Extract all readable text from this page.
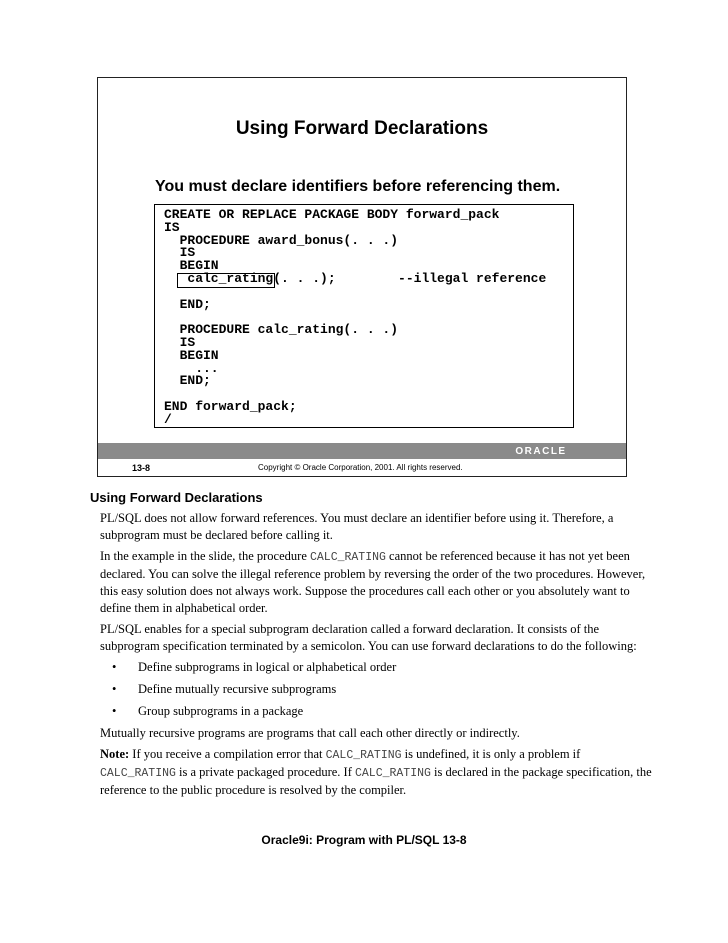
Using Forward Declarations
You must declare identifiers before referencing them.
CREATE OR REPLACE PACKAGE BODY forward_pack
IS
PROCEDURE award_bonus(. . .)
IS
BEGIN
calc_rating(. . .);        --illegal reference

END;

PROCEDURE calc_rating(. . .)
IS
BEGIN
...
END;

END forward_pack;
/
ORACLE
13-8	Copyright © Oracle Corporation, 2001. All rights reserved.
Using Forward Declarations

PL/SQL does not allow forward references. You must declare an identifier before using it. Therefore, a subprogram must be declared before calling it.

In the example in the slide, the procedure CALC_RATING cannot be referenced because it has not yet been declared. You can solve the illegal reference problem by reversing the order of the two procedures. However, this easy solution does not always work. Suppose the procedures call each other or you absolutely want to define them in alphabetical order.

PL/SQL enables for a special subprogram declaration called a forward declaration. It consists of the subprogram specification terminated by a semicolon. You can use forward declarations to do the following:

• Define subprograms in logical or alphabetical order
• Define mutually recursive subprograms
• Group subprograms in a package

Mutually recursive programs are programs that call each other directly or indirectly.

Note: If you receive a compilation error that CALC_RATING is undefined, it is only a problem if CALC_RATING is a private packaged procedure. If CALC_RATING is declared in the package specification, the reference to the public procedure is resolved by the compiler.

Oracle9i: Program with PL/SQL 13-8
